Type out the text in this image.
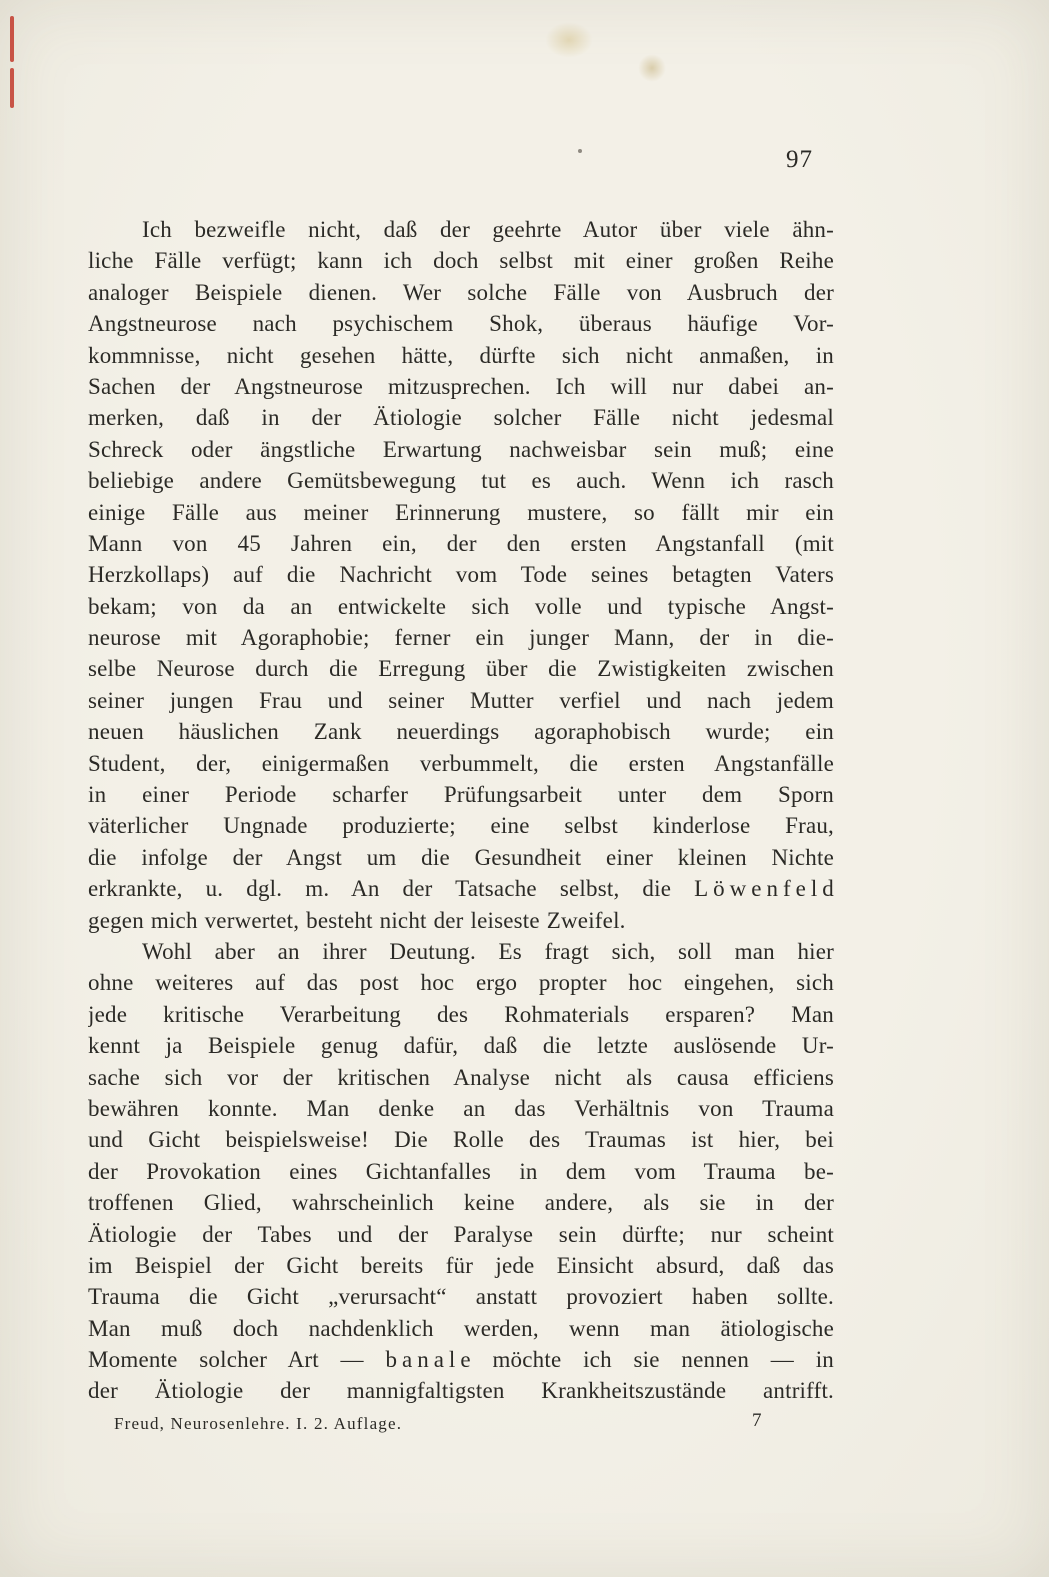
97
Ich bezweifle nicht, daß der geehrte Autor über viele ähn-
liche Fälle verfügt; kann ich doch selbst mit einer großen Reihe
analoger Beispiele dienen. Wer solche Fälle von Ausbruch der
Angstneurose nach psychischem Shok, überaus häufige Vor-
kommnisse, nicht gesehen hätte, dürfte sich nicht anmaßen, in
Sachen der Angstneurose mitzusprechen. Ich will nur dabei an-
merken, daß in der Ätiologie solcher Fälle nicht jedesmal
Schreck oder ängstliche Erwartung nachweisbar sein muß; eine
beliebige andere Gemütsbewegung tut es auch. Wenn ich rasch
einige Fälle aus meiner Erinnerung mustere, so fällt mir ein
Mann von 45 Jahren ein, der den ersten Angstanfall (mit
Herzkollaps) auf die Nachricht vom Tode seines betagten Vaters
bekam; von da an entwickelte sich volle und typische Angst-
neurose mit Agoraphobie; ferner ein junger Mann, der in die-
selbe Neurose durch die Erregung über die Zwistigkeiten zwischen
seiner jungen Frau und seiner Mutter verfiel und nach jedem
neuen häuslichen Zank neuerdings agoraphobisch wurde; ein
Student, der, einigermaßen verbummelt, die ersten Angstanfälle
in einer Periode scharfer Prüfungsarbeit unter dem Sporn
väterlicher Ungnade produzierte; eine selbst kinderlose Frau,
die infolge der Angst um die Gesundheit einer kleinen Nichte
erkrankte, u. dgl. m. An der Tatsache selbst, die L ö w e n f e l d
gegen mich verwertet, besteht nicht der leiseste Zweifel.
Wohl aber an ihrer Deutung. Es fragt sich, soll man hier
ohne weiteres auf das post hoc ergo propter hoc eingehen, sich
jede kritische Verarbeitung des Rohmaterials ersparen? Man
kennt ja Beispiele genug dafür, daß die letzte auslösende Ur-
sache sich vor der kritischen Analyse nicht als causa efficiens
bewähren konnte. Man denke an das Verhältnis von Trauma
und Gicht beispielsweise! Die Rolle des Traumas ist hier, bei
der Provokation eines Gichtanfalles in dem vom Trauma be-
troffenen Glied, wahrscheinlich keine andere, als sie in der
Ätiologie der Tabes und der Paralyse sein dürfte; nur scheint
im Beispiel der Gicht bereits für jede Einsicht absurd, daß das
Trauma die Gicht „verursacht“ anstatt provoziert haben sollte.
Man muß doch nachdenklich werden, wenn man ätiologische
Momente solcher Art — b a n a l e möchte ich sie nennen — in
der Ätiologie der mannigfaltigsten Krankheitszustände antrifft.
Freud, Neurosenlehre. I. 2. Auflage.	7
